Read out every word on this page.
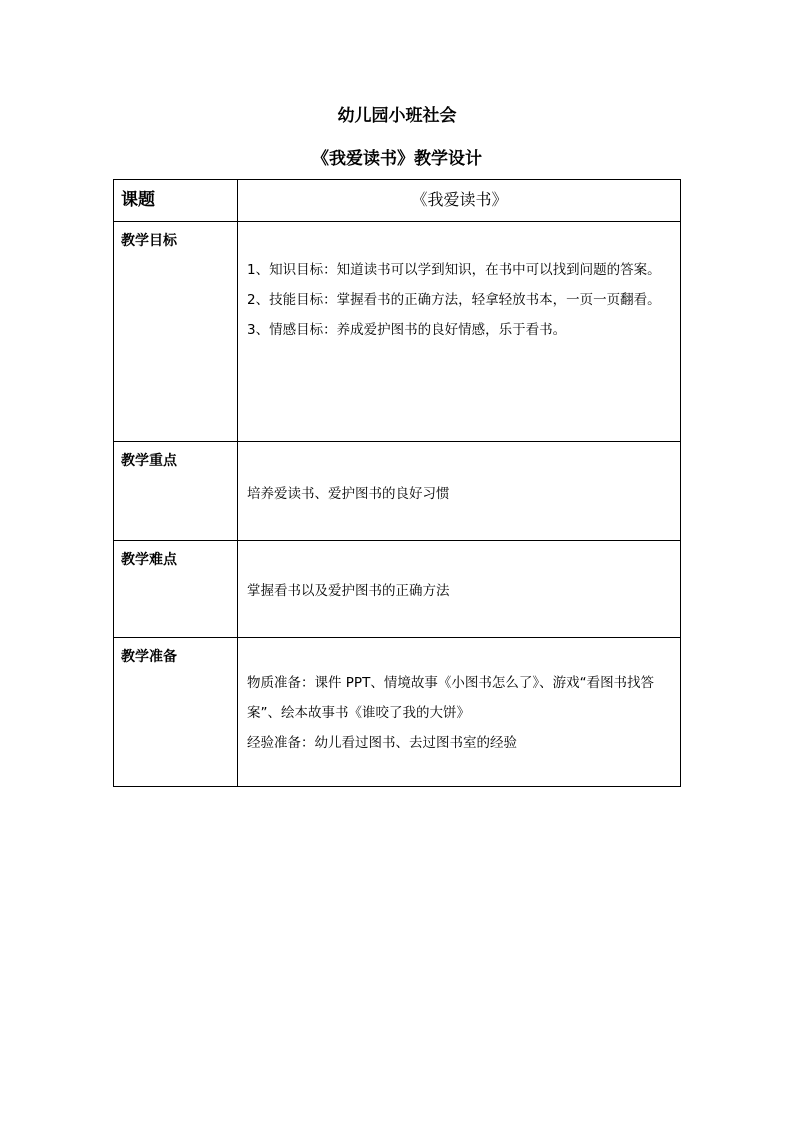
幼儿园小班社会
《我爱读书》教学设计
课题	《我爱读书》
教学目标	1、知识目标：知道读书可以学到知识，在书中可以找到问题的答案。
2、技能目标：掌握看书的正确方法，轻拿轻放书本，一页一页翻看。
3、情感目标：养成爱护图书的良好情感，乐于看书。

教学重点	培养爱读书、爱护图书的良好习惯

教学难点	掌握看书以及爱护图书的正确方法

教学准备	物质准备：课件 PPT、情境故事《小图书怎么了》、游戏“看图书找答案”、绘本故事书《谁咬了我的大饼》
经验准备：幼儿看过图书、去过图书室的经验
